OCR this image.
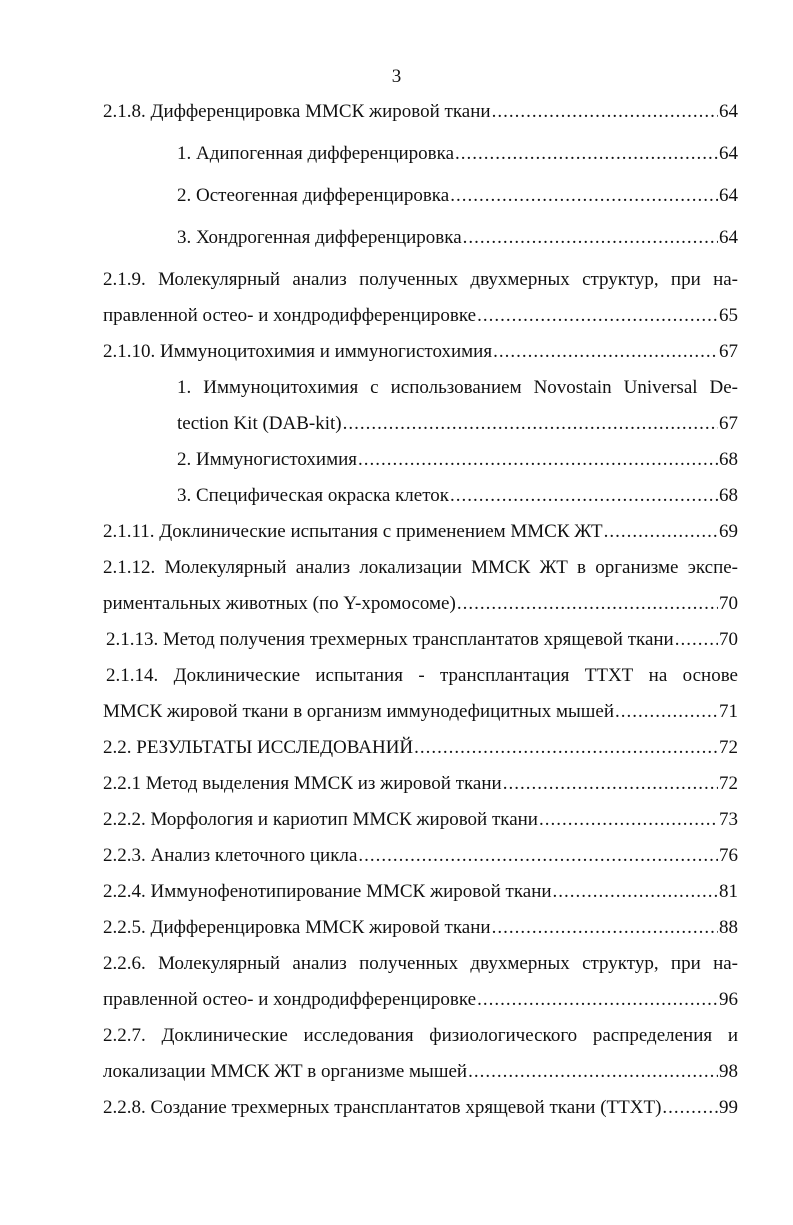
3
2.1.8. Дифференцировка ММСК жировой ткани .....	64
1. Адипогенная дифференцировка .....	64
2. Остеогенная дифференцировка .....	64
3. Хондрогенная дифференцировка .....	64
2.1.9. Молекулярный анализ полученных двухмерных структур, при на-
правленной остео- и хондродифференцировке .....	65
2.1.10. Иммуноцитохимия и иммуногистохимия .....	67
1. Иммуноцитохимия с использованием Novostain Universal De-
tection Kit (DAB-kit) .....	67
2. Иммуногистохимия .....	68
3. Специфическая окраска клеток .....	68
2.1.11. Доклинические испытания с применением ММСК ЖТ .....	69
2.1.12. Молекулярный анализ локализации ММСК ЖТ в организме экспе-
риментальных животных (по Y-хромосоме) .....	70
2.1.13. Метод получения трехмерных трансплантатов хрящевой ткани ..... 70
2.1.14. Доклинические испытания - трансплантация ТТХТ на основе
ММСК жировой ткани в организм иммунодефицитных мышей .....	71
2.2. РЕЗУЛЬТАТЫ ИССЛЕДОВАНИЙ .....	72
2.2.1 Метод выделения ММСК из жировой ткани .....	72
2.2.2. Морфология и кариотип ММСК жировой ткани .....	73
2.2.3. Анализ клеточного цикла .....	76
2.2.4. Иммунофенотипирование ММСК жировой ткани .....	81
2.2.5. Дифференцировка ММСК жировой ткани .....	88
2.2.6. Молекулярный анализ полученных двухмерных структур, при на-
правленной остео- и хондродифференцировке .....	96
2.2.7. Доклинические исследования физиологического распределения и
локализации ММСК ЖТ в организме мышей .....	98
2.2.8. Создание трехмерных трансплантатов хрящевой ткани (ТТХТ) .....	99
